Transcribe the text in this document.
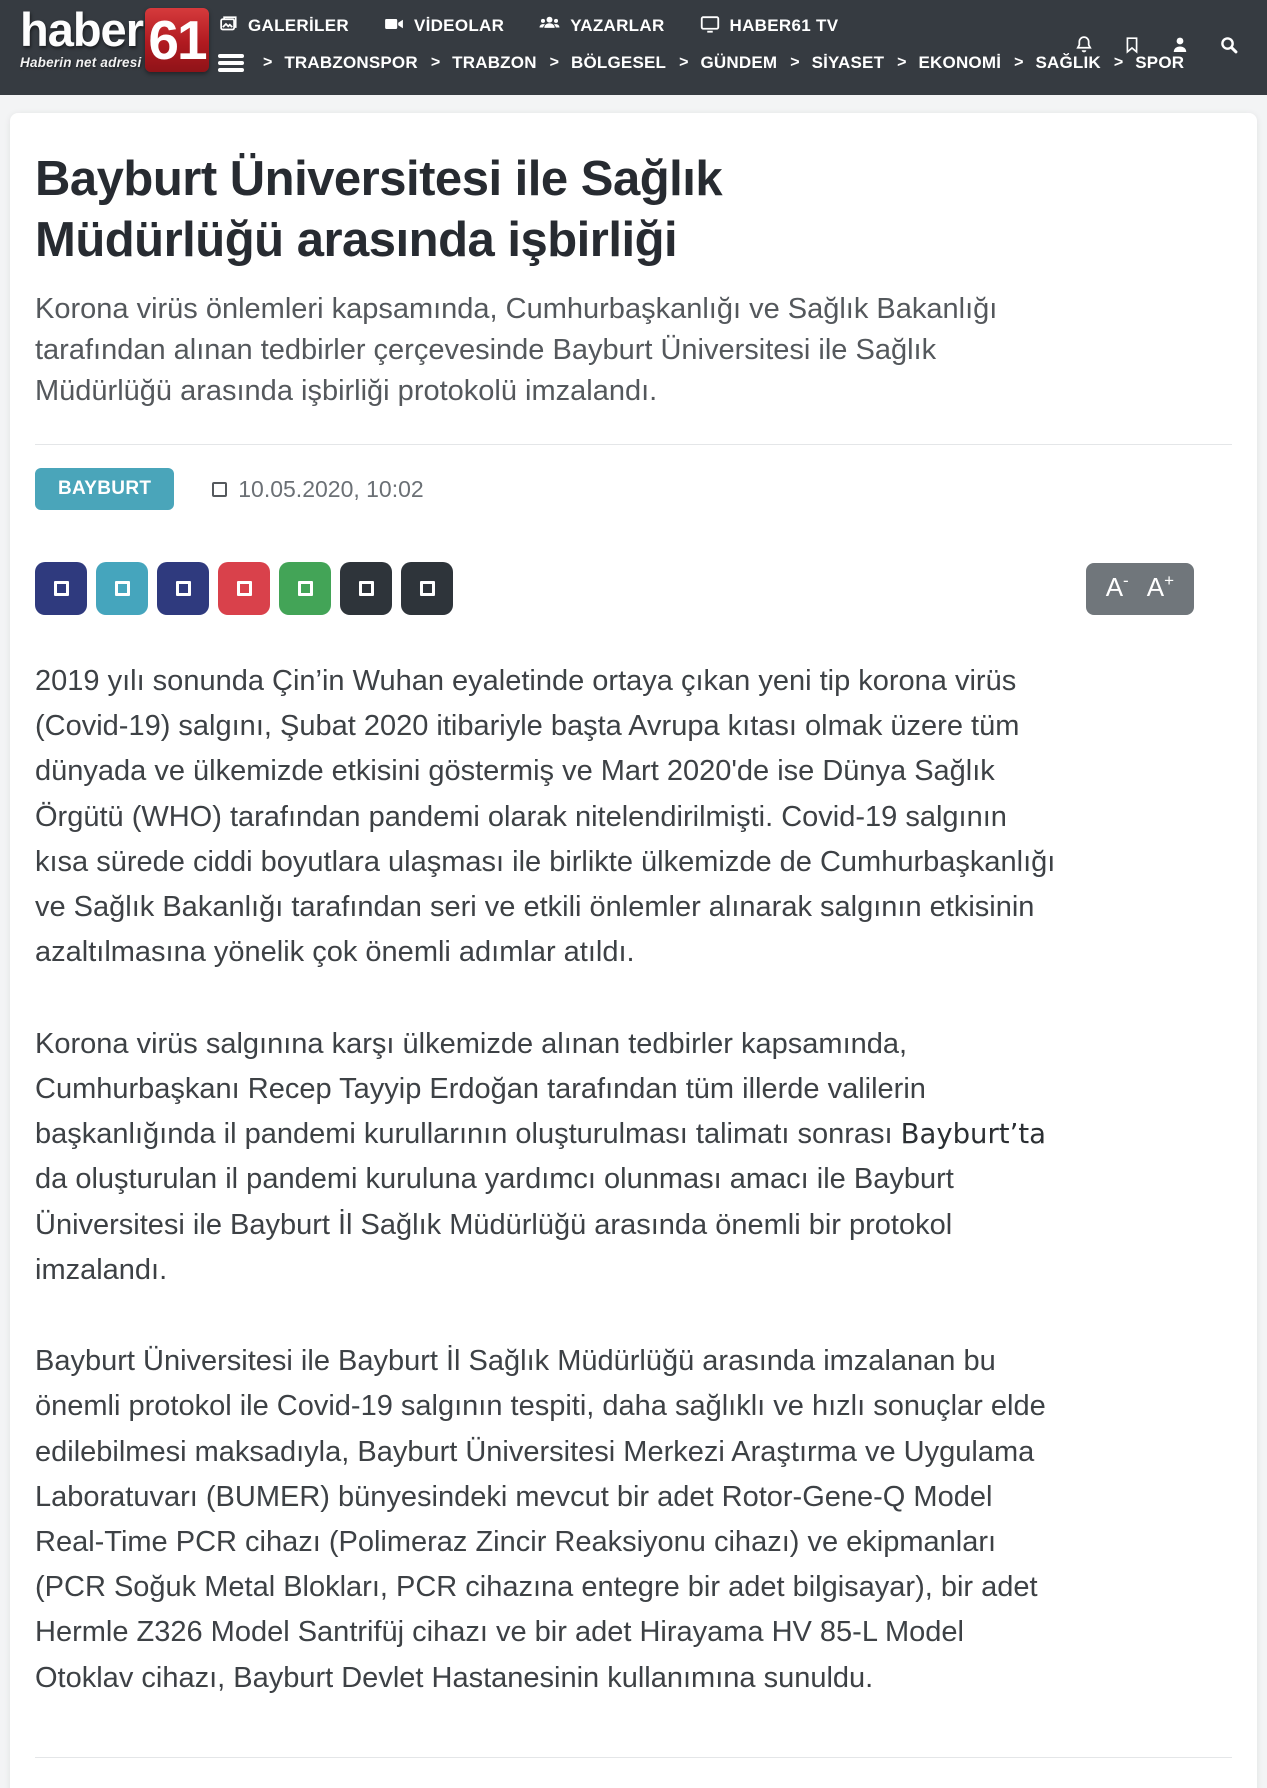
haber
Haberin net adresi 61 GALERİLER	VİDEOLAR	YAZARLAR	HABER61 TV
> TRABZONSPOR > TRABZON > BÖLGESEL > GÜNDEM > SİYASET > EKONOMİ > SAĞLIK > SPOR
Bayburt Üniversitesi ile Sağlık Müdürlüğü arasında işbirliği

Korona virüs önlemleri kapsamında, Cumhurbaşkanlığı ve Sağlık Bakanlığı tarafından alınan tedbirler çerçevesinde Bayburt Üniversitesi ile Sağlık Müdürlüğü arasında işbirliği protokolü imzalandı.

BAYBURT	10.05.2020, 10:02
A- A+

2019 yılı sonunda Çin’in Wuhan eyaletinde ortaya çıkan yeni tip korona virüs (Covid-19) salgını, Şubat 2020 itibariyle başta Avrupa kıtası olmak üzere tüm dünyada ve ülkemizde etkisini göstermiş ve Mart 2020'de ise Dünya Sağlık Örgütü (WHO) tarafından pandemi olarak nitelendirilmişti. Covid-19 salgının kısa sürede ciddi boyutlara ulaşması ile birlikte ülkemizde de Cumhurbaşkanlığı ve Sağlık Bakanlığı tarafından seri ve etkili önlemler alınarak salgının etkisinin azaltılmasına yönelik çok önemli adımlar atıldı.

Korona virüs salgınına karşı ülkemizde alınan tedbirler kapsamında, Cumhurbaşkanı Recep Tayyip Erdoğan tarafından tüm illerde valilerin başkanlığında il pandemi kurullarının oluşturulması talimatı sonrası Bayburt’ta da oluşturulan il pandemi kuruluna yardımcı olunması amacı ile Bayburt Üniversitesi ile Bayburt İl Sağlık Müdürlüğü arasında önemli bir protokol imzalandı.

Bayburt Üniversitesi ile Bayburt İl Sağlık Müdürlüğü arasında imzalanan bu önemli protokol ile Covid-19 salgının tespiti, daha sağlıklı ve hızlı sonuçlar elde edilebilmesi maksadıyla, Bayburt Üniversitesi Merkezi Araştırma ve Uygulama Laboratuvarı (BUMER) bünyesindeki mevcut bir adet Rotor-Gene-Q Model Real-Time PCR cihazı (Polimeraz Zincir Reaksiyonu cihazı) ve ekipmanları (PCR Soğuk Metal Blokları, PCR cihazına entegre bir adet bilgisayar), bir adet Hermle Z326 Model Santrifüj cihazı ve bir adet Hirayama HV 85-L Model Otoklav cihazı, Bayburt Devlet Hastanesinin kullanımına sunuldu.
